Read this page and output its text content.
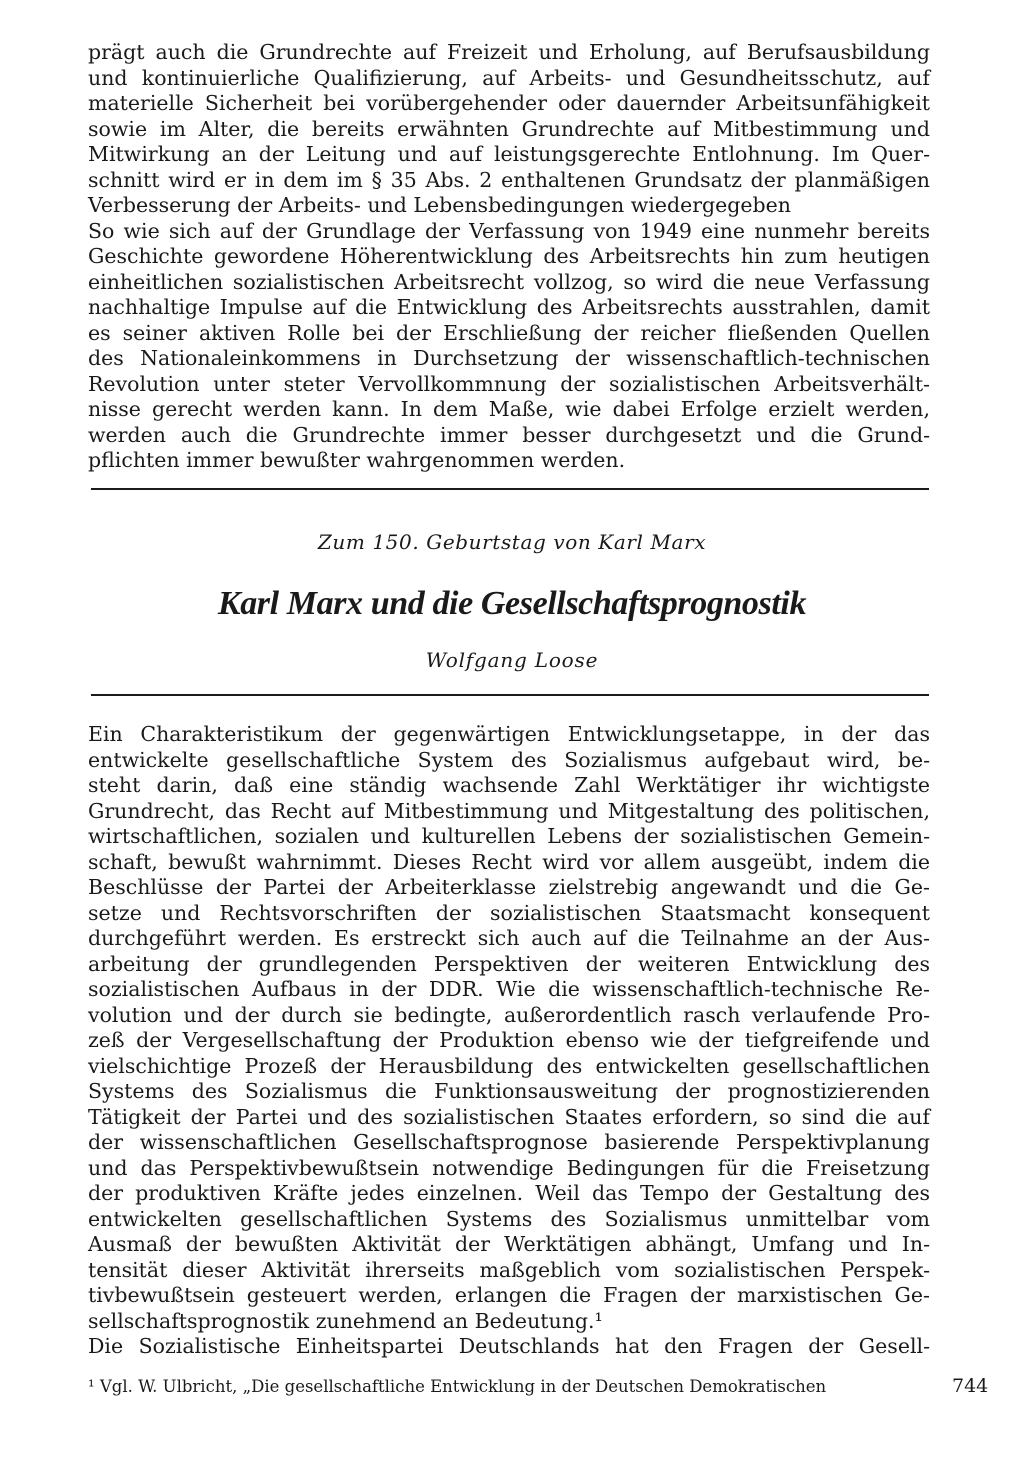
prägt auch die Grundrechte auf Freizeit und Erholung, auf Berufsausbildung
und kontinuierliche Qualifizierung, auf Arbeits- und Gesundheitsschutz, auf
materielle Sicherheit bei vorübergehender oder dauernder Arbeitsunfähigkeit
sowie im Alter, die bereits erwähnten Grundrechte auf Mitbestimmung und
Mitwirkung an der Leitung und auf leistungsgerechte Entlohnung. Im Quer-
schnitt wird er in dem im § 35 Abs. 2 enthaltenen Grundsatz der planmäßigen
Verbesserung der Arbeits- und Lebensbedingungen wiedergegeben
So wie sich auf der Grundlage der Verfassung von 1949 eine nunmehr bereits
Geschichte gewordene Höherentwicklung des Arbeitsrechts hin zum heutigen
einheitlichen sozialistischen Arbeitsrecht vollzog, so wird die neue Verfassung
nachhaltige Impulse auf die Entwicklung des Arbeitsrechts ausstrahlen, damit
es seiner aktiven Rolle bei der Erschließung der reicher fließenden Quellen
des Nationaleinkommens in Durchsetzung der wissenschaftlich-technischen
Revolution unter steter Vervollkommnung der sozialistischen Arbeitsverhält-
nisse gerecht werden kann. In dem Maße, wie dabei Erfolge erzielt werden,
werden auch die Grundrechte immer besser durchgesetzt und die Grund-
pflichten immer bewußter wahrgenommen werden.
Zum 150. Geburtstag von Karl Marx
Karl Marx und die Gesellschaftsprognostik
Wolfgang Loose
Ein Charakteristikum der gegenwärtigen Entwicklungsetappe, in der das
entwickelte gesellschaftliche System des Sozialismus aufgebaut wird, be-
steht darin, daß eine ständig wachsende Zahl Werktätiger ihr wichtigste
Grundrecht, das Recht auf Mitbestimmung und Mitgestaltung des politischen,
wirtschaftlichen, sozialen und kulturellen Lebens der sozialistischen Gemein-
schaft, bewußt wahrnimmt. Dieses Recht wird vor allem ausgeübt, indem die
Beschlüsse der Partei der Arbeiterklasse zielstrebig angewandt und die Ge-
setze und Rechtsvorschriften der sozialistischen Staatsmacht konsequent
durchgeführt werden. Es erstreckt sich auch auf die Teilnahme an der Aus-
arbeitung der grundlegenden Perspektiven der weiteren Entwicklung des
sozialistischen Aufbaus in der DDR. Wie die wissenschaftlich-technische Re-
volution und der durch sie bedingte, außerordentlich rasch verlaufende Pro-
zeß der Vergesellschaftung der Produktion ebenso wie der tiefgreifende und
vielschichtige Prozeß der Herausbildung des entwickelten gesellschaftlichen
Systems des Sozialismus die Funktionsausweitung der prognostizierenden
Tätigkeit der Partei und des sozialistischen Staates erfordern, so sind die auf
der wissenschaftlichen Gesellschaftsprognose basierende Perspektivplanung
und das Perspektivbewußtsein notwendige Bedingungen für die Freisetzung
der produktiven Kräfte jedes einzelnen. Weil das Tempo der Gestaltung des
entwickelten gesellschaftlichen Systems des Sozialismus unmittelbar vom
Ausmaß der bewußten Aktivität der Werktätigen abhängt, Umfang und In-
tensität dieser Aktivität ihrerseits maßgeblich vom sozialistischen Perspek-
tivbewußtsein gesteuert werden, erlangen die Fragen der marxistischen Ge-
sellschaftsprognostik zunehmend an Bedeutung.¹
Die Sozialistische Einheitspartei Deutschlands hat den Fragen der Gesell-
¹ Vgl. W. Ulbricht, „Die gesellschaftliche Entwicklung in der Deutschen Demokratischen	744
